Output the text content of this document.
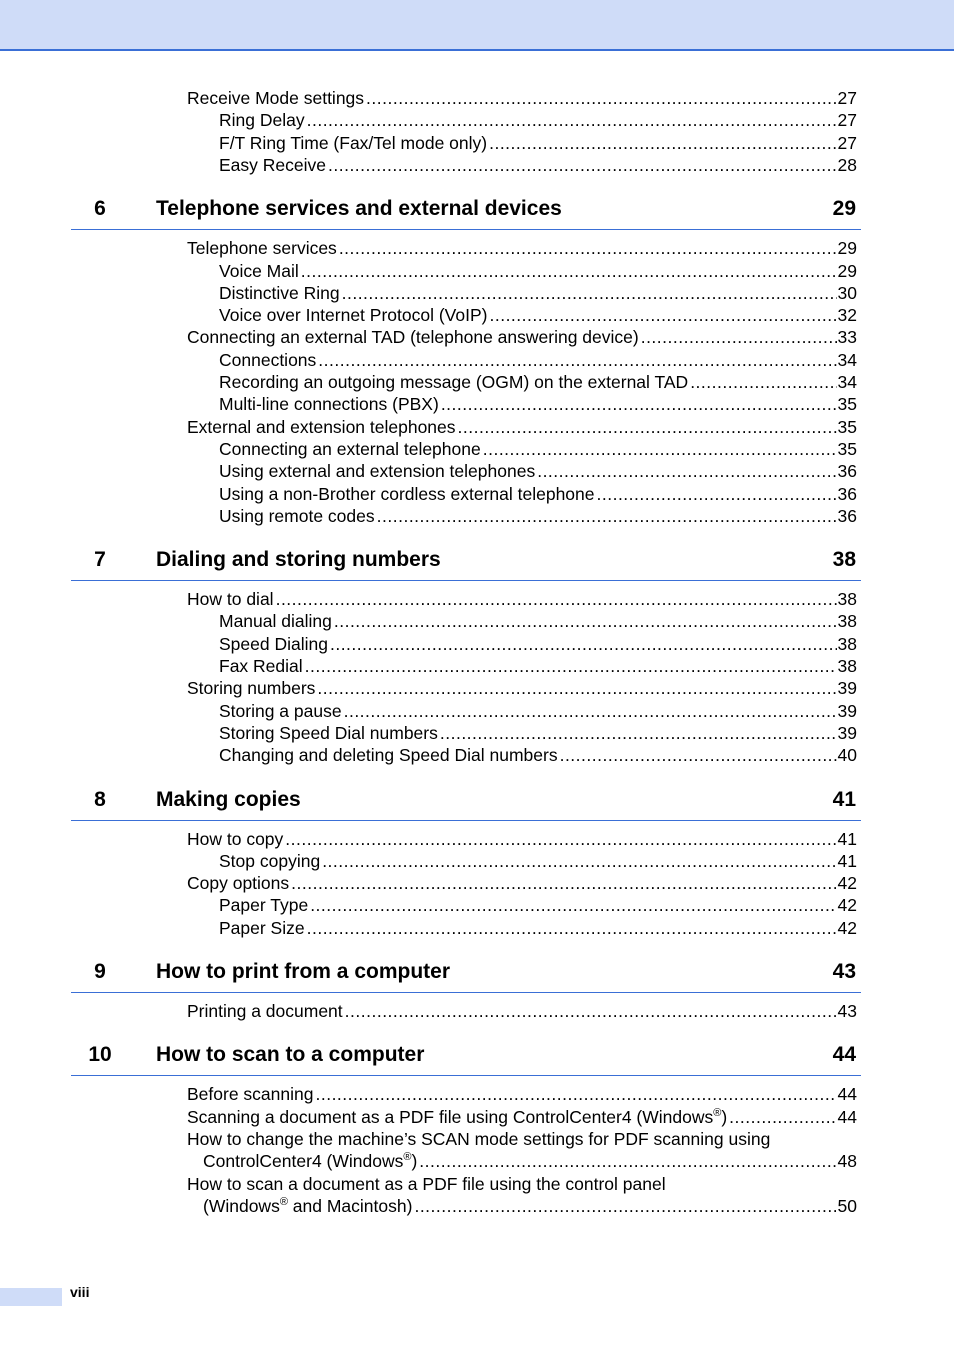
Receive Mode settings .....	27
Ring Delay .....	27
F/T Ring Time (Fax/Tel mode only) .....	27
Easy Receive .....	28
6	Telephone services and external devices	29
Telephone services .....	29
Voice Mail .....	29
Distinctive Ring .....	30
Voice over Internet Protocol (VoIP) .....	32
Connecting an external TAD (telephone answering device) .....	33
Connections .....	34
Recording an outgoing message (OGM) on the external TAD .....	34
Multi-line connections (PBX) .....	35
External and extension telephones .....	35
Connecting an external telephone .....	35
Using external and extension telephones .....	36
Using a non-Brother cordless external telephone .....	36
Using remote codes .....	36
7	Dialing and storing numbers	38
How to dial .....	38
Manual dialing .....	38
Speed Dialing .....	38
Fax Redial .....	38
Storing numbers .....	39
Storing a pause .....	39
Storing Speed Dial numbers .....	39
Changing and deleting Speed Dial numbers .....	40
8	Making copies	41
How to copy .....	41
Stop copying .....	41
Copy options .....	42
Paper Type .....	42
Paper Size .....	42
9	How to print from a computer	43
Printing a document .....	43
10	How to scan to a computer	44
Before scanning .....	44
Scanning a document as a PDF file using ControlCenter4 (Windows®) .....	44
How to change the machine’s SCAN mode settings for PDF scanning using
ControlCenter4 (Windows®) .....	48
How to scan a document as a PDF file using the control panel
(Windows® and Macintosh) .....	50
viii
